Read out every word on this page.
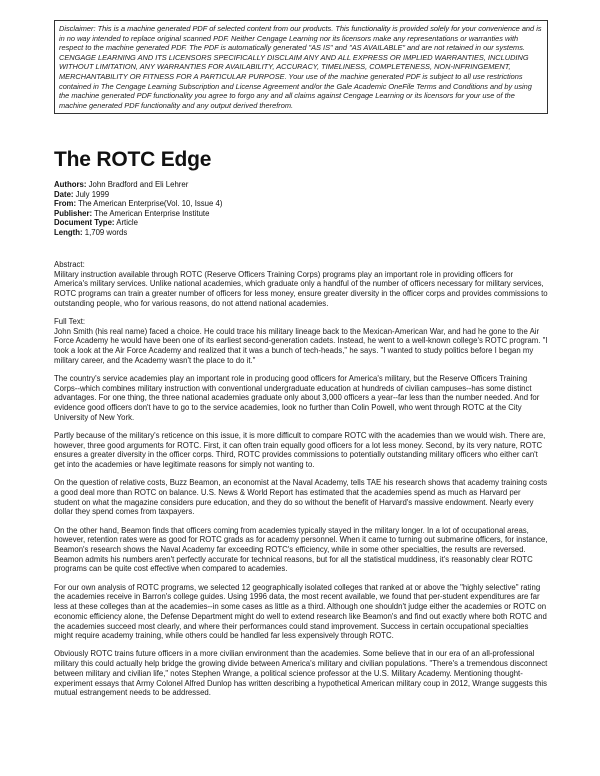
Disclaimer: This is a machine generated PDF of selected content from our products. This functionality is provided solely for your convenience and is in no way intended to replace original scanned PDF. Neither Cengage Learning nor its licensors make any representations or warranties with respect to the machine generated PDF. The PDF is automatically generated "AS IS" and "AS AVAILABLE" and are not retained in our systems. CENGAGE LEARNING AND ITS LICENSORS SPECIFICALLY DISCLAIM ANY AND ALL EXPRESS OR IMPLIED WARRANTIES, INCLUDING WITHOUT LIMITATION, ANY WARRANTIES FOR AVAILABILITY, ACCURACY, TIMELINESS, COMPLETENESS, NON-INFRINGEMENT, MERCHANTABILITY OR FITNESS FOR A PARTICULAR PURPOSE. Your use of the machine generated PDF is subject to all use restrictions contained in The Cengage Learning Subscription and License Agreement and/or the Gale Academic OneFile Terms and Conditions and by using the machine generated PDF functionality you agree to forgo any and all claims against Cengage Learning or its licensors for your use of the machine generated PDF functionality and any output derived therefrom.
The ROTC Edge
Authors: John Bradford and Eli Lehrer
Date: July 1999
From: The American Enterprise(Vol. 10, Issue 4)
Publisher: The American Enterprise Institute
Document Type: Article
Length: 1,709 words

Abstract:

Military instruction available through ROTC (Reserve Officers Training Corps) programs play an important role in providing officers for America's military services. Unlike national academies, which graduate only a handful of the number of officers necessary for military services, ROTC programs can train a greater number of officers for less money, ensure greater diversity in the officer corps and provides commissions to outstanding people, who for various reasons, do not attend national academies.

Full Text:

John Smith (his real name) faced a choice. He could trace his military lineage back to the Mexican-American War, and had he gone to the Air Force Academy he would have been one of its earliest second-generation cadets. Instead, he went to a well-known college's ROTC program. "I took a look at the Air Force Academy and realized that it was a bunch of tech-heads," he says. "I wanted to study politics before I began my military career, and the Academy wasn't the place to do it."

The country's service academies play an important role in producing good officers for America's military, but the Reserve Officers Training Corps--which combines military instruction with conventional undergraduate education at hundreds of civilian campuses--has some distinct advantages. For one thing, the three national academies graduate only about 3,000 officers a year--far less than the number needed. And for evidence good officers don't have to go to the service academies, look no further than Colin Powell, who went through ROTC at the City University of New York.

Partly because of the military's reticence on this issue, it is more difficult to compare ROTC with the academies than we would wish. There are, however, three good arguments for ROTC. First, it can often train equally good officers for a lot less money. Second, by its very nature, ROTC ensures a greater diversity in the officer corps. Third, ROTC provides commissions to potentially outstanding military officers who either can't get into the academies or have legitimate reasons for simply not wanting to.

On the question of relative costs, Buzz Beamon, an economist at the Naval Academy, tells TAE his research shows that academy training costs a good deal more than ROTC on balance. U.S. News & World Report has estimated that the academies spend as much as Harvard per student on what the magazine considers pure education, and they do so without the benefit of Harvard's massive endowment. Nearly every dollar they spend comes from taxpayers.

On the other hand, Beamon finds that officers coming from academies typically stayed in the military longer. In a lot of occupational areas, however, retention rates were as good for ROTC grads as for academy personnel. When it came to turning out submarine officers, for instance, Beamon's research shows the Naval Academy far exceeding ROTC's efficiency, while in some other specialties, the results are reversed. Beamon admits his numbers aren't perfectly accurate for technical reasons, but for all the statistical muddiness, it's reasonably clear ROTC programs can be quite cost effective when compared to academies.

For our own analysis of ROTC programs, we selected 12 geographically isolated colleges that ranked at or above the "highly selective" rating the academies receive in Barron's college guides. Using 1996 data, the most recent available, we found that per-student expenditures are far less at these colleges than at the academies--in some cases as little as a third. Although one shouldn't judge either the academies or ROTC on economic efficiency alone, the Defense Department might do well to extend research like Beamon's and find out exactly where both ROTC and the academies succeed most clearly, and where their performances could stand improvement. Success in certain occupational specialties might require academy training, while others could be handled far less expensively through ROTC.

Obviously ROTC trains future officers in a more civilian environment than the academies. Some believe that in our era of an all-professional military this could actually help bridge the growing divide between America's military and civilian populations. "There's a tremendous disconnect between military and civilian life," notes Stephen Wrange, a political science professor at the U.S. Military Academy. Mentioning thought-experiment essays that Army Colonel Alfred Dunlop has written describing a hypothetical American military coup in 2012, Wrange suggests this mutual estrangement needs to be addressed.
